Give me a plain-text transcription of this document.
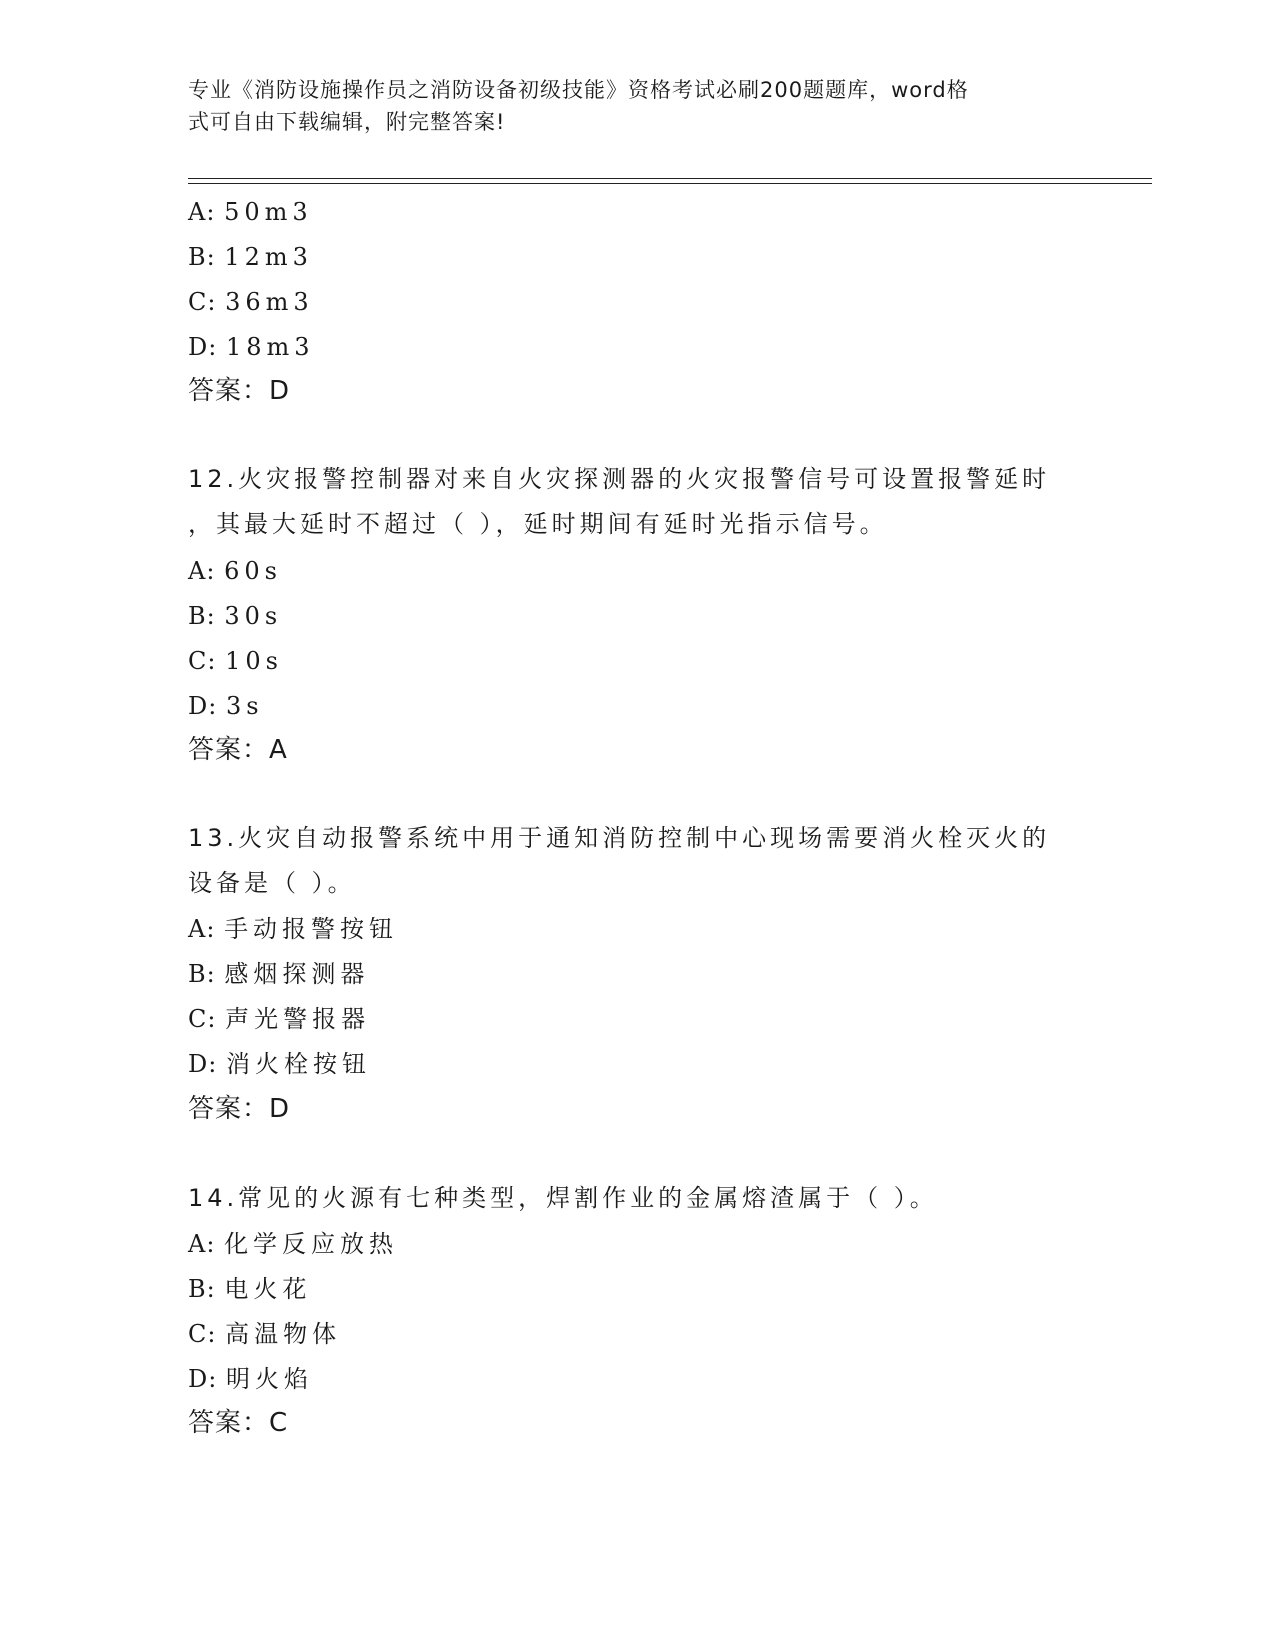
专业《消防设施操作员之消防设备初级技能》资格考试必刷200题题库，word格
式可自由下载编辑，附完整答案!
A: 50m3
B: 12m3
C: 36m3
D: 18m3
答案：D
12.火灾报警控制器对来自火灾探测器的火灾报警信号可设置报警延时
，其最大延时不超过（ ），延时期间有延时光指示信号。
A: 60s
B: 30s
C: 10s
D: 3s
答案：A
13.火灾自动报警系统中用于通知消防控制中心现场需要消火栓灭火的
设备是（ ）。
A: 手动报警按钮
B: 感烟探测器
C: 声光警报器
D: 消火栓按钮
答案：D
14.常见的火源有七种类型，焊割作业的金属熔渣属于（ ）。
A: 化学反应放热
B: 电火花
C: 高温物体
D: 明火焰
答案：C
